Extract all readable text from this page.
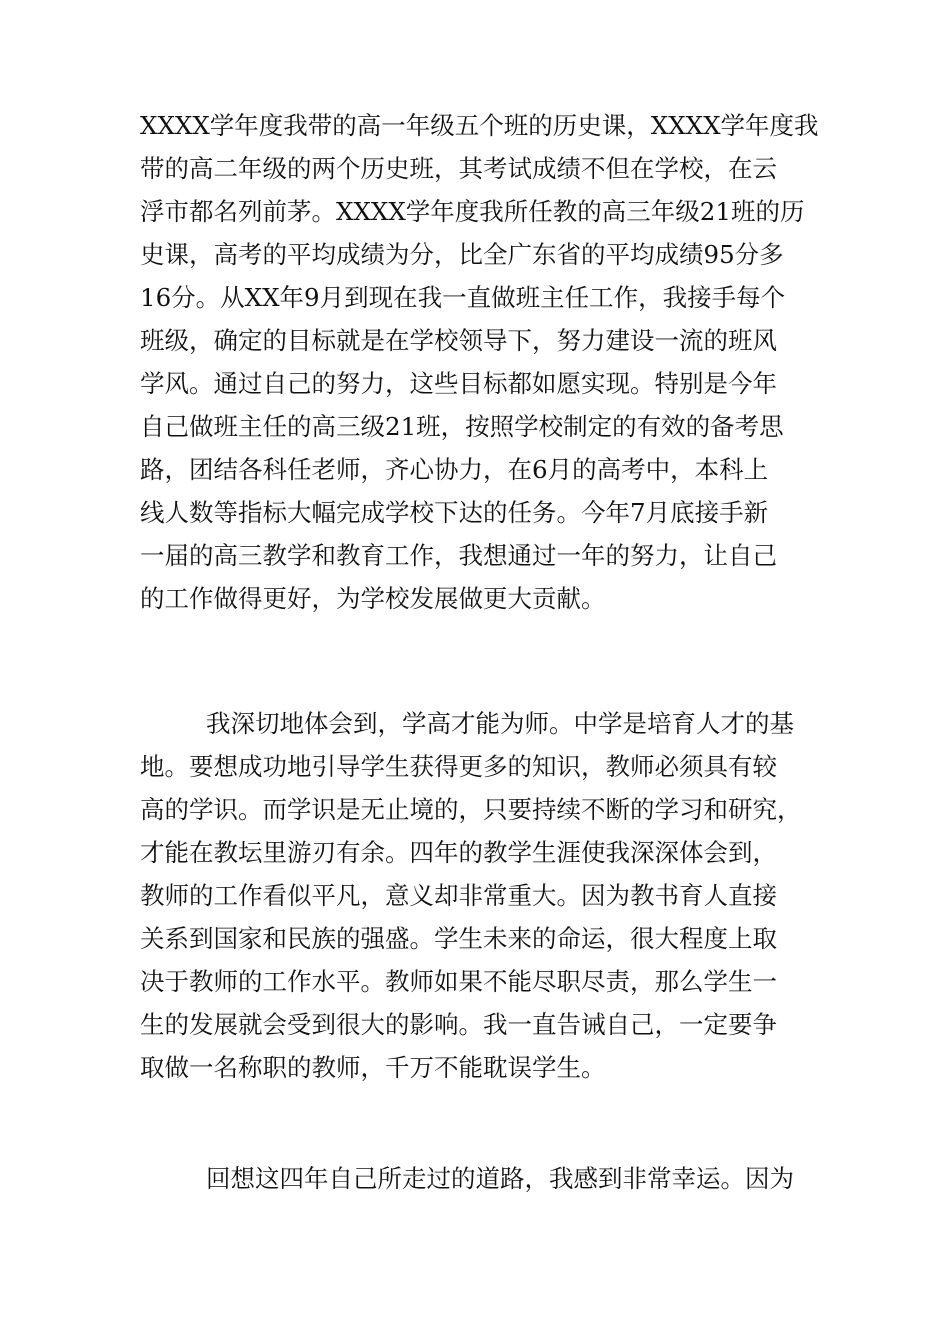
XXXX学年度我带的高一年级五个班的历史课，XXXX学年度我
带的高二年级的两个历史班，其考试成绩不但在学校，在云
浮市都名列前茅。XXXX学年度我所任教的高三年级21班的历
史课，高考的平均成绩为分，比全广东省的平均成绩95分多
16分。从XX年9月到现在我一直做班主任工作，我接手每个
班级，确定的目标就是在学校领导下，努力建设一流的班风
学风。通过自己的努力，这些目标都如愿实现。特别是今年
自己做班主任的高三级21班，按照学校制定的有效的备考思
路，团结各科任老师，齐心协力，在6月的高考中，本科上
线人数等指标大幅完成学校下达的任务。今年7月底接手新
一届的高三教学和教育工作，我想通过一年的努力，让自己
的工作做得更好，为学校发展做更大贡献。
我深切地体会到，学高才能为师。中学是培育人才的基
地。要想成功地引导学生获得更多的知识，教师必须具有较
高的学识。而学识是无止境的，只要持续不断的学习和研究，
才能在教坛里游刃有余。四年的教学生涯使我深深体会到，
教师的工作看似平凡，意义却非常重大。因为教书育人直接
关系到国家和民族的强盛。学生未来的命运，很大程度上取
决于教师的工作水平。教师如果不能尽职尽责，那么学生一
生的发展就会受到很大的影响。我一直告诫自己，一定要争
取做一名称职的教师，千万不能耽误学生。
回想这四年自己所走过的道路，我感到非常幸运。因为
